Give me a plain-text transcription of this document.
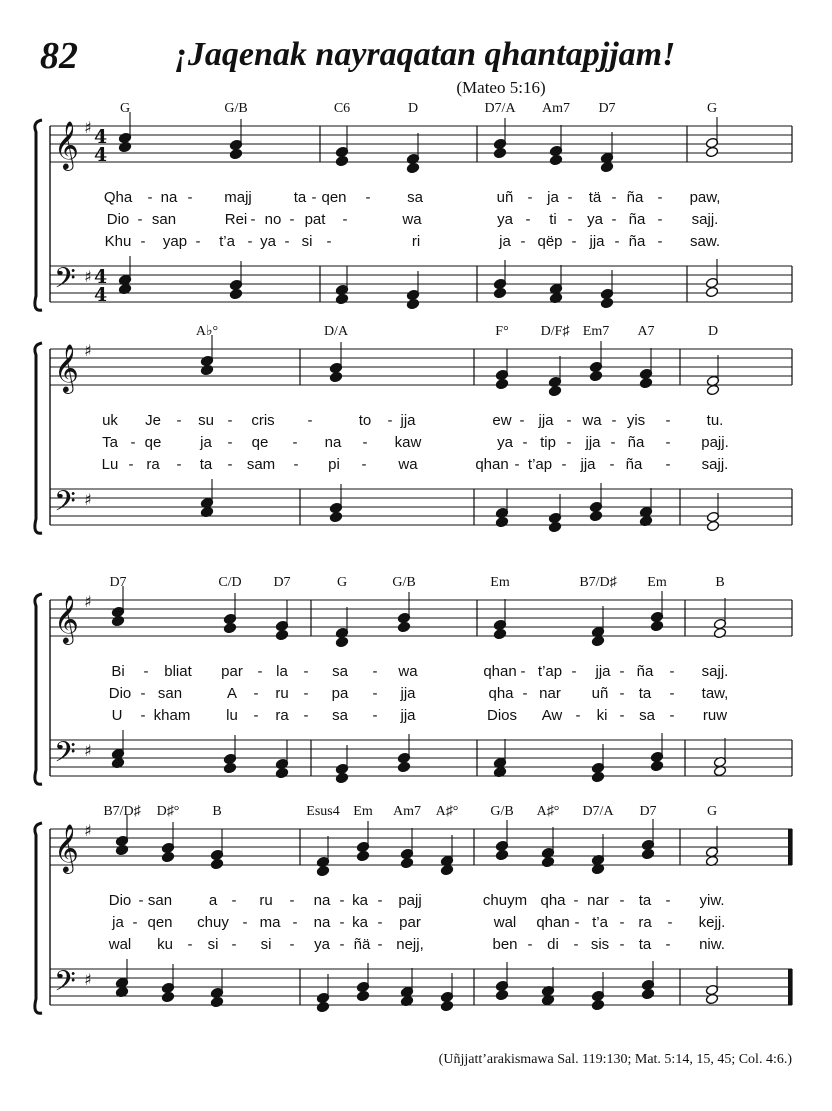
82	¡Jaqenak nayraqatan qhantapjjam!
(Mateo 5:16)
𝄞
𝄢
♯
♯
4
4
4
4
G	G/B	C6	D	D7/A Am7 D7	G
Qha - na - majj	ta - qen - sa	uñ - ja - tä - ña - paw,
Dio - san	Rei - no - pat -	wa	ya - ti - ya - ña - sajj.
Khu - yap - t’a - ya - si -	ri	ja - qëp - jja - ña - saw.
𝄞
𝄢
♯
♯
A♭°	D/A	F° D/F♯ Em7 A7	D
uk Je - su - cris -	to - jja	ew - jja - wa - yis - tu.
Ta - qe	ja - qe - na - kaw	ya - tip - jja - ña - pajj.
Lu - ra - ta - sam - pi - wa	qhan - t’ap - jja - ña - sajj.
𝄞
𝄢
♯
♯
D7	C/D D7	G	G/B	Em	B7/D♯ Em	B
Bi - bliat par - la - sa - wa	qhan - t’ap - jja - ña - sajj.
Dio - san	A - ru - pa - jja	qha - nar uñ - ta - taw,
U - kham lu - ra - sa - jja	Dios Aw - ki - sa - ruw
𝄞
𝄢
♯
♯
B7/D♯ D♯° B	Esus4 Em Am7 A♯° G/B A♯° D7/A D7	G
Dio - san a - ru - na - ka - pajj	chuym qha - nar - ta - yiw.
ja - qen chuy - ma - na - ka - par	wal qhan - t’a - ra - kejj.
wal ku - si - si - ya - ñä - nejj,	ben - di - sis - ta - niw.
(Uñjjatt’arakismawa Sal. 119:130; Mat. 5:14, 15, 45; Col. 4:6.)
